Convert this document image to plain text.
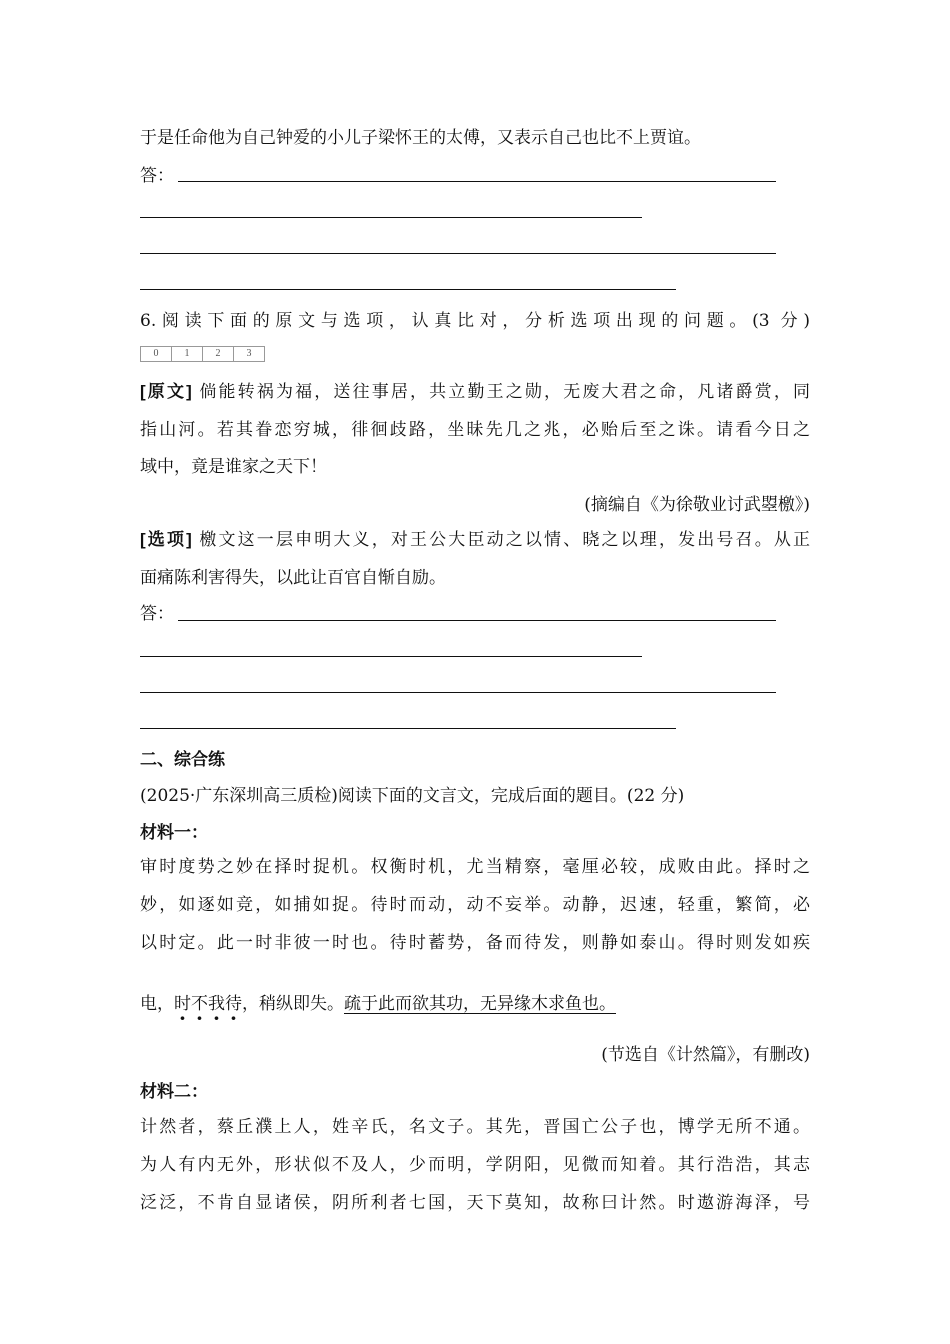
于是任命他为自己钟爱的小儿子梁怀王的太傅，又表示自己也比不上贾谊。
答：
6.阅读下面的原文与选项，认真比对，分析选项出现的问题。(3 分)
0	1	2	3
[原文] 倘能转祸为福，送往事居，共立勤王之勋，无废大君之命，凡诸爵赏，同
指山河。若其眷恋穷城，徘徊歧路，坐昧先几之兆，必贻后至之诛。请看今日之
域中，竟是谁家之天下！
(摘编自《为徐敬业讨武曌檄》)
[选项] 檄文这一层申明大义，对王公大臣动之以情、晓之以理，发出号召。从正
面痛陈利害得失，以此让百官自惭自励。
答：
二、综合练
(2025·广东深圳高三质检)阅读下面的文言文，完成后面的题目。(22 分)
材料一：
审时度势之妙在择时捉机。权衡时机，尤当精察，毫厘必较，成败由此。择时之
妙，如逐如竞，如捕如捉。待时而动，动不妄举。动静，迟速，轻重，繁简，必
以时定。此一时非彼一时也。待时蓄势，备而待发，则静如泰山。得时则发如疾
电，时不我待，稍纵即失。疏于此而欲其功，无异缘木求鱼也。
(节选自《计然篇》，有删改)
材料二：
计然者，蔡丘濮上人，姓辛氏，名文子。其先，晋国亡公子也，博学无所不通。
为人有内无外，形状似不及人，少而明，学阴阳，见微而知着。其行浩浩，其志
泛泛，不肯自显诸侯，阴所利者七国，天下莫知，故称曰计然。时遨游海泽，号
